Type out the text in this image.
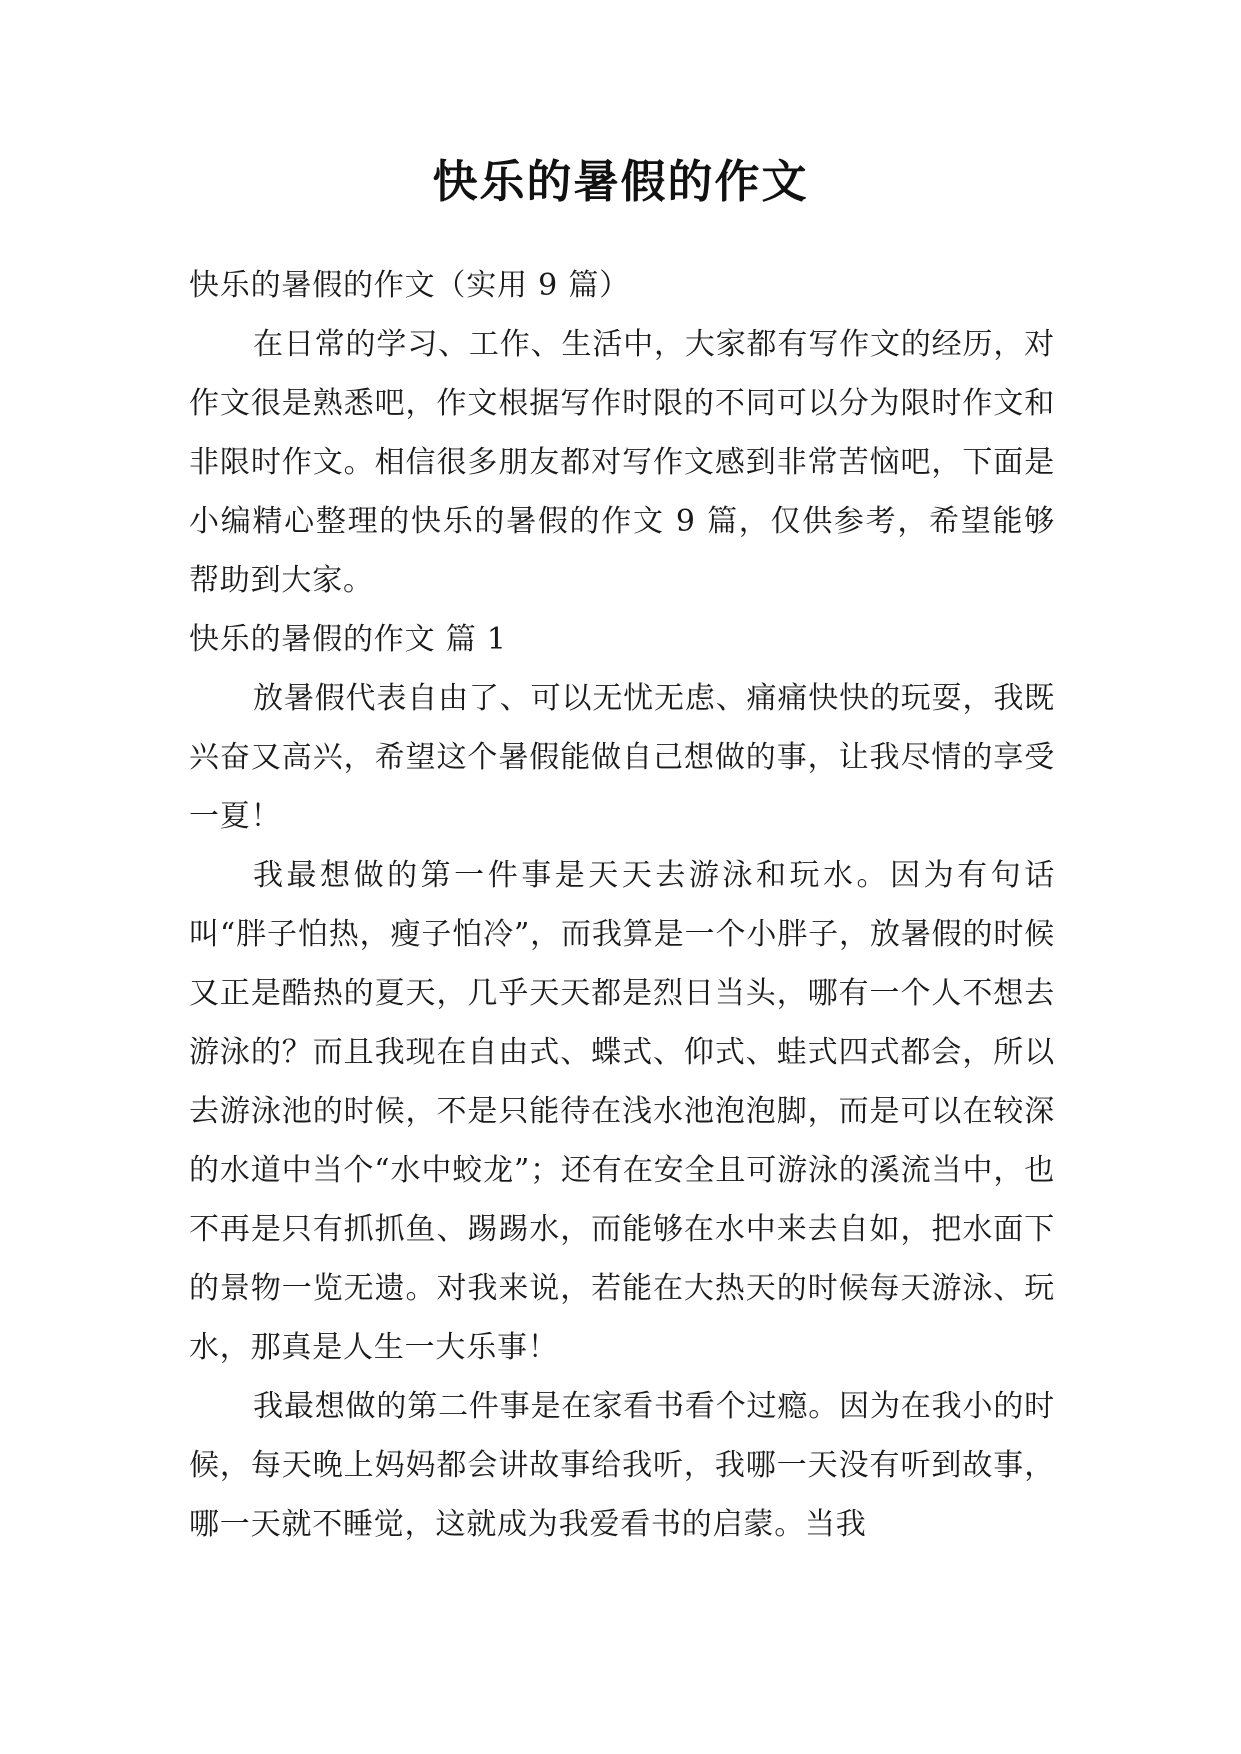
快乐的暑假的作文

快乐的暑假的作文（实用 9 篇）

在日常的学习、工作、生活中，大家都有写作文的经历，对作文很是熟悉吧，作文根据写作时限的不同可以分为限时作文和非限时作文。相信很多朋友都对写作文感到非常苦恼吧，下面是小编精心整理的快乐的暑假的作文 9 篇，仅供参考，希望能够帮助到大家。

快乐的暑假的作文 篇 1

放暑假代表自由了、可以无忧无虑、痛痛快快的玩耍，我既兴奋又高兴，希望这个暑假能做自己想做的事，让我尽情的享受一夏！

我最想做的第一件事是天天去游泳和玩水。因为有句话叫“胖子怕热，瘦子怕冷”，而我算是一个小胖子，放暑假的时候又正是酷热的夏天，几乎天天都是烈日当头，哪有一个人不想去游泳的？而且我现在自由式、蝶式、仰式、蛙式四式都会，所以去游泳池的时候，不是只能待在浅水池泡泡脚，而是可以在较深的水道中当个“水中蛟龙”；还有在安全且可游泳的溪流当中，也不再是只有抓抓鱼、踢踢水，而能够在水中来去自如，把水面下的景物一览无遗。对我来说，若能在大热天的时候每天游泳、玩水，那真是人生一大乐事！

我最想做的第二件事是在家看书看个过瘾。因为在我小的时候，每天晚上妈妈都会讲故事给我听，我哪一天没有听到故事，哪一天就不睡觉，这就成为我爱看书的启蒙。当我
